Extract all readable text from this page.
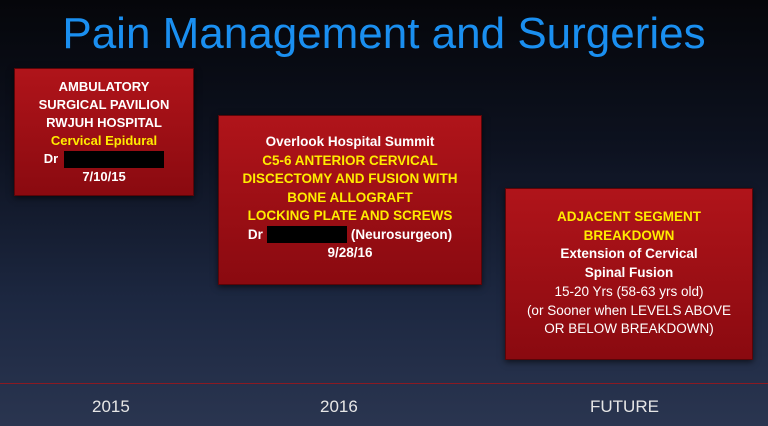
Pain Management and Surgeries
AMBULATORY
SURGICAL PAVILION
RWJUH HOSPITAL
Cervical Epidural
Dr
7/10/15
Overlook Hospital Summit
C5-6 ANTERIOR CERVICAL
DISCECTOMY AND FUSION WITH
BONE ALLOGRAFT
LOCKING PLATE AND SCREWS
Dr	(Neurosurgeon)
9/28/16
ADJACENT SEGMENT
BREAKDOWN
Extension of Cervical
Spinal Fusion
15-20 Yrs (58-63 yrs old)
(or Sooner when LEVELS ABOVE
OR BELOW BREAKDOWN)
2015	2016	FUTURE
